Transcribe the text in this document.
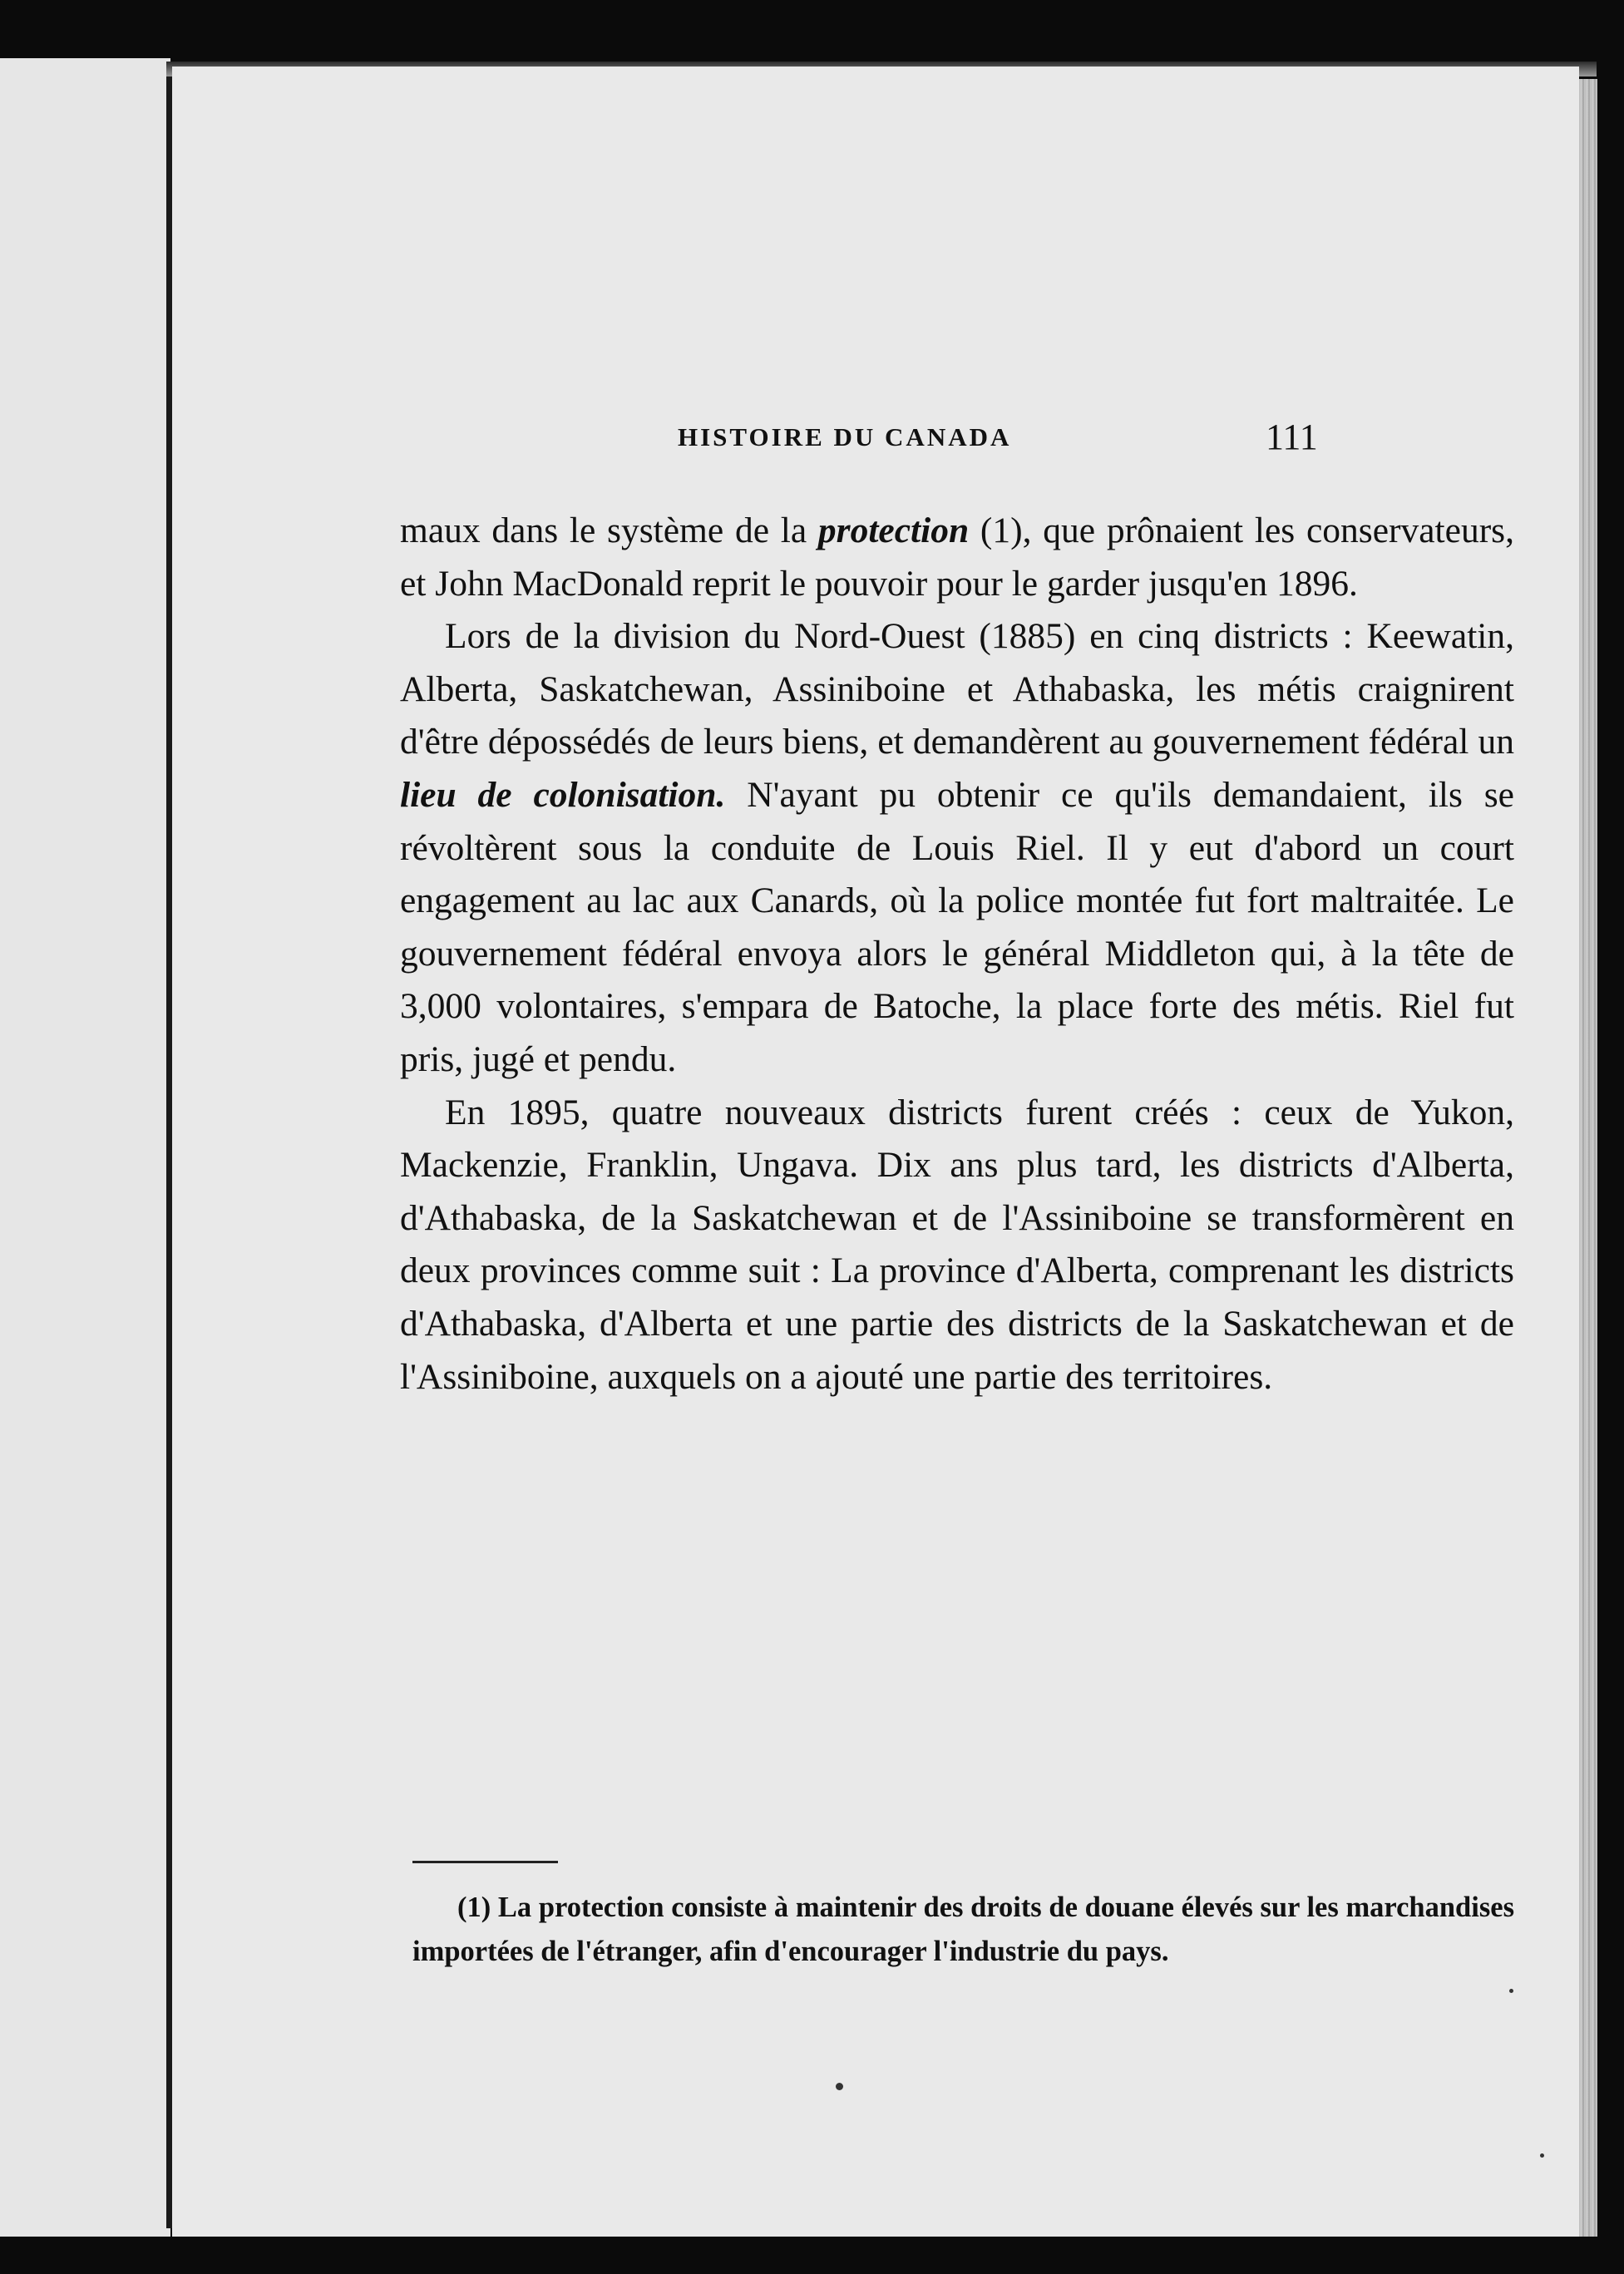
HISTOIRE DU CANADA	111

maux dans le système de la protection (1), que prônaient les conservateurs, et John MacDonald reprit le pouvoir pour le garder jusqu'en 1896.

Lors de la division du Nord-Ouest (1885) en cinq districts : Keewatin, Alberta, Saskatchewan, Assiniboine et Athabaska, les métis craignirent d'être dépossédés de leurs biens, et demandèrent au gouvernement fédéral un lieu de colonisation. N'ayant pu obtenir ce qu'ils demandaient, ils se révoltèrent sous la conduite de Louis Riel. Il y eut d'abord un court engagement au lac aux Canards, où la police montée fut fort maltraitée. Le gouvernement fédéral envoya alors le général Middleton qui, à la tête de 3,000 volontaires, s'empara de Batoche, la place forte des métis. Riel fut pris, jugé et pendu.

En 1895, quatre nouveaux districts furent créés : ceux de Yukon, Mackenzie, Franklin, Ungava. Dix ans plus tard, les districts d'Alberta, d'Athabaska, de la Saskatchewan et de l'Assiniboine se transformèrent en deux provinces comme suit : La province d'Alberta, comprenant les districts d'Athabaska, d'Alberta et une partie des districts de la Saskatchewan et de l'Assiniboine, auxquels on a ajouté une partie des territoires.

(1) La protection consiste à maintenir des droits de douane élevés sur les marchandises importées de l'étranger, afin d'encourager l'industrie du pays.
